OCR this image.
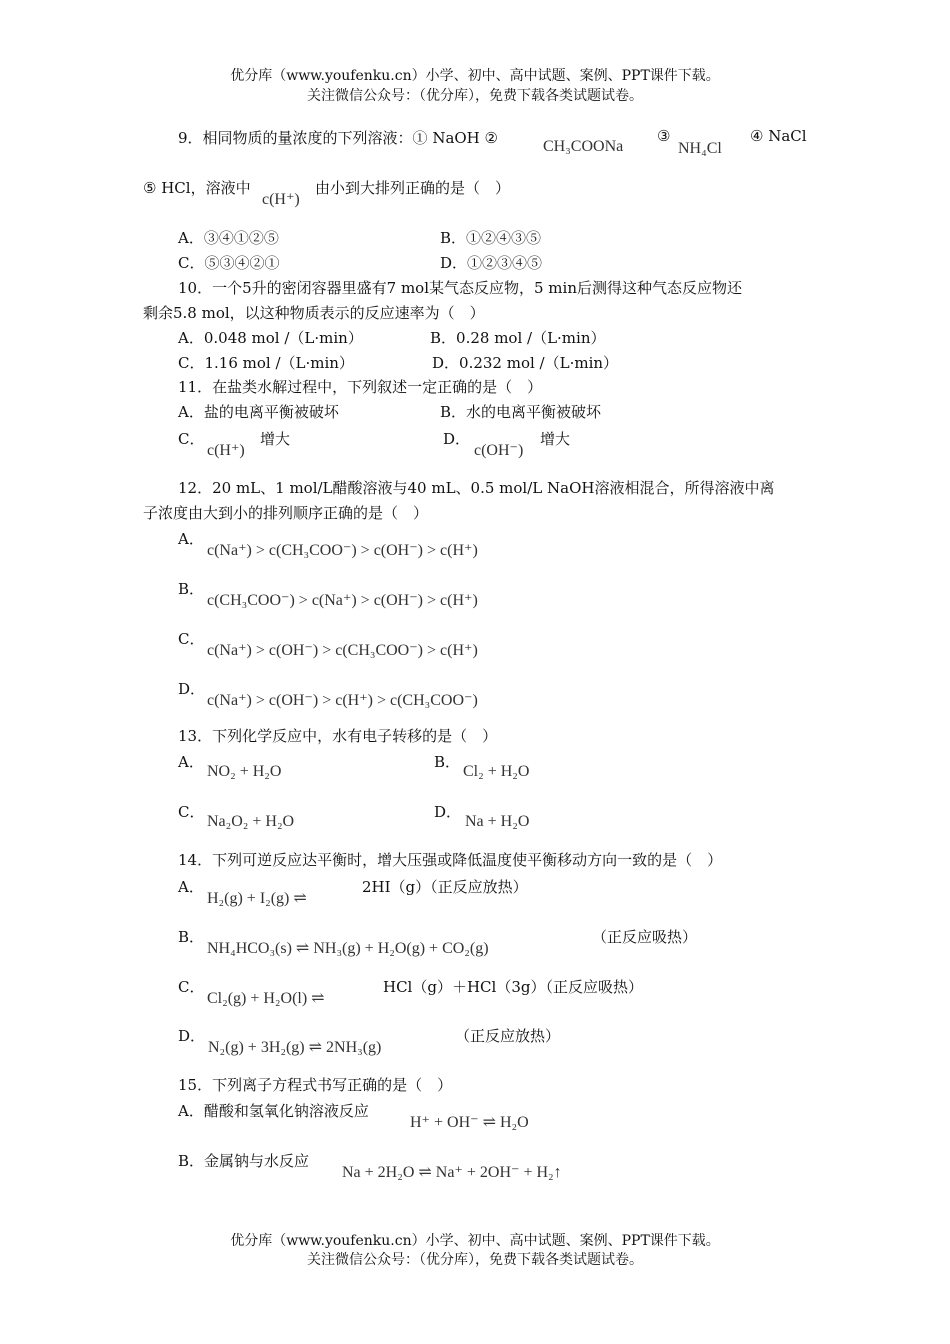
优分库（www.youfenku.cn）小学、初中、高中试题、案例、PPT课件下载。
关注微信公众号：（优分库），免费下载各类试题试卷。
9．相同物质的量浓度的下列溶液：① NaOH ②	CH₃COONa
③
NH₄Cl
④ NaCl
⑤ HCl，溶液中
c(H⁺)
由小到大排列正确的是（　）
A．③④①②⑤	B．①②④③⑤
C．⑤③④②①	D．①②③④⑤
10．一个5升的密闭容器里盛有7 mol某气态反应物，5 min后测得这种气态反应物还
剩余5.8 mol，以这种物质表示的反应速率为（　）
A．0.048 mol /（L·min）	B．0.28 mol /（L·min）
C．1.16 mol /（L·min）	D．0.232 mol /（L·min）
11．在盐类水解过程中，下列叙述一定正确的是（　）
A．盐的电离平衡被破坏	B．水的电离平衡被破坏
C．
c(H⁺)
增大	D．
c(OH⁻)
增大
12．20 mL、1 mol/L醋酸溶液与40 mL、0.5 mol/L NaOH溶液相混合，所得溶液中离
子浓度由大到小的排列顺序正确的是（　）
A．
c(Na⁺) > c(CH₃COO⁻) > c(OH⁻) > c(H⁺)
B．
c(CH₃COO⁻) > c(Na⁺) > c(OH⁻) > c(H⁺)
C．
c(Na⁺) > c(OH⁻) > c(CH₃COO⁻) > c(H⁺)
D．
c(Na⁺) > c(OH⁻) > c(H⁺) > c(CH₃COO⁻)
13．下列化学反应中，水有电子转移的是（　）
A．
NO₂ + H₂O
B．
Cl₂ + H₂O
C．
Na₂O₂ + H₂O
D．
Na + H₂O
14．下列可逆反应达平衡时，增大压强或降低温度使平衡移动方向一致的是（　）
A．
H₂(g) + I₂(g) ⇌
2HI（g）（正反应放热）
B．
NH₄HCO₃(s) ⇌ NH₃(g) + H₂O(g) + CO₂(g)
（正反应吸热）
C．
Cl₂(g) + H₂O(l) ⇌
HCl（g）＋HCl（3g）（正反应吸热）
D．
N₂(g) + 3H₂(g) ⇌ 2NH₃(g)
（正反应放热）
15．下列离子方程式书写正确的是（　）
A．醋酸和氢氧化钠溶液反应
H⁺ + OH⁻ ⇌ H₂O
B．金属钠与水反应
Na + 2H₂O ⇌ Na⁺ + 2OH⁻ + H₂↑
优分库（www.youfenku.cn）小学、初中、高中试题、案例、PPT课件下载。
关注微信公众号：（优分库），免费下载各类试题试卷。
